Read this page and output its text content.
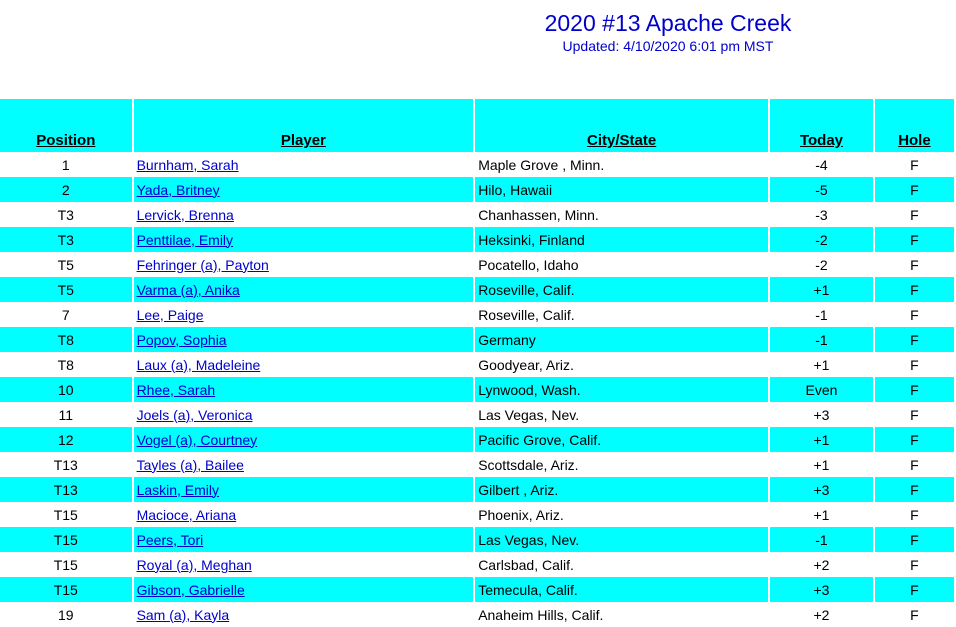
2020 #13 Apache Creek
Updated: 4/10/2020 6:01 pm MST
Position	Player	City/State	Today	Hole
1	Burnham, Sarah	Maple Grove , Minn.	-4	F
2	Yada, Britney	Hilo, Hawaii	-5	F
T3	Lervick, Brenna	Chanhassen, Minn.	-3	F
T3	Penttilae, Emily	Heksinki, Finland	-2	F
T5	Fehringer (a), Payton	Pocatello, Idaho	-2	F
T5	Varma (a), Anika	Roseville, Calif.	+1	F
7	Lee, Paige	Roseville, Calif.	-1	F
T8	Popov, Sophia	Germany	-1	F
T8	Laux (a), Madeleine	Goodyear, Ariz.	+1	F
10	Rhee, Sarah	Lynwood, Wash.	Even	F
11	Joels (a), Veronica	Las Vegas, Nev.	+3	F
12	Vogel (a), Courtney	Pacific Grove, Calif.	+1	F
T13	Tayles (a), Bailee	Scottsdale, Ariz.	+1	F
T13	Laskin, Emily	Gilbert , Ariz.	+3	F
T15	Macioce, Ariana	Phoenix, Ariz.	+1	F
T15	Peers, Tori	Las Vegas, Nev.	-1	F
T15	Royal (a), Meghan	Carlsbad, Calif.	+2	F
T15	Gibson, Gabrielle	Temecula, Calif.	+3	F
19	Sam (a), Kayla	Anaheim Hills, Calif.	+2	F
